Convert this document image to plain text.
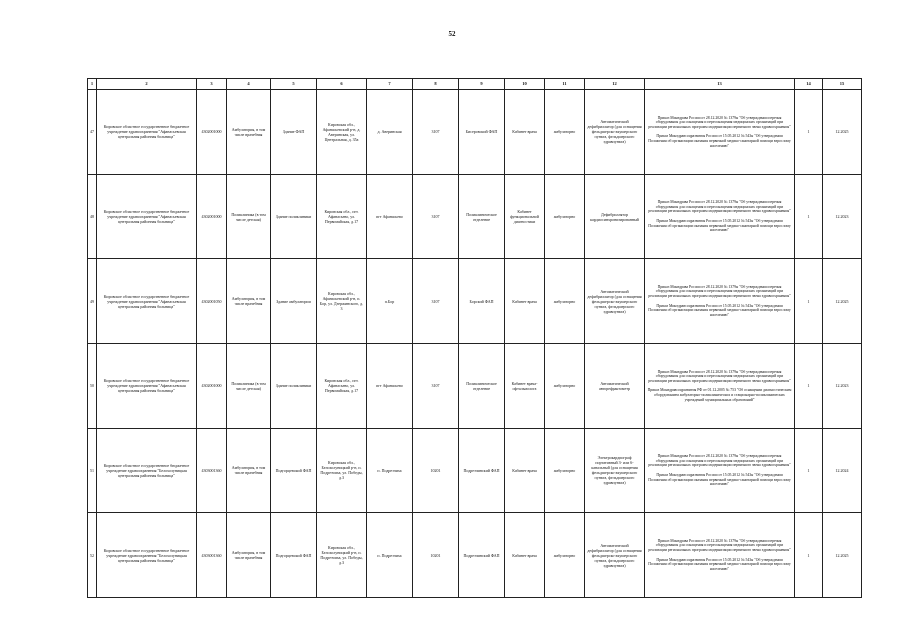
52
1	2	3	4	5	6	7	8	9	10	11	12	13	14	15
47	Кировское областное государственное бюджетное учреждение здравоохранения "Афанасьевская центральная районная больница"	4302001000	Амбулатория, в том числе врачебная	Здание ФАП	Кировская обл., Афанасьевский р-н, д. Аверинская, ул. Центральная, д. 35а	д. Аверинская	3107	Бисеровский ФАП	Кабинет врача	амбулаторно	Автоматический дефибриллятор (для оснащения фельдшерско-акушерского пункта, фельдшерского здравпункта)	Приказ Минздрава России от 28.12.2020 № 1379н "Об утверждении перечня оборудования для оснащения и переоснащения медицинских организаций при реализации региональных программ модернизации первичного звена здравоохранения"
Приказ Минздравсоцразвития России от 15.05.2012 № 543н "Об утверждении Положения об организации оказания первичной медико-санитарной помощи взрослому населению"	1	12.2025
48	Кировское областное государственное бюджетное учреждение здравоохранения "Афанасьевская центральная районная больница"	4302001000	Поликлиника (в том числе детская)	Здание поликлиники	Кировская обл., пгт. Афанасьево, ул. Первомайская, д.17	пгт Афанасьево	3107	Поликлиническое отделение	Кабинет функциональной диагностики	амбулаторно	Дефибриллятор кардиосинхронизированный	Приказ Минздрава России от 28.12.2020 № 1379н "Об утверждении перечня оборудования для оснащения и переоснащения медицинских организаций при реализации региональных программ модернизации первичного звена здравоохранения"
Приказ Минздравсоцразвития России от 15.05.2012 № 543н "Об утверждении Положения об организации оказания первичной медико-санитарной помощи взрослому населению"	1	12.2023
49	Кировское областное государственное бюджетное учреждение здравоохранения "Афанасьевская центральная районная больница"	4302001050	Амбулатория, в том числе врачебная	Здание амбулатории	Кировская обл., Афанасьевский р-н, п. Бор, ул. Дзержинского, д. 3	п.Бор	3107	Борский ФАП	Кабинет врача	амбулаторно	Автоматический дефибриллятор (для оснащения фельдшерско-акушерского пункта, фельдшерского здравпункта)	Приказ Минздрава России от 28.12.2020 № 1379н "Об утверждении перечня оборудования для оснащения и переоснащения медицинских организаций при реализации региональных программ модернизации первичного звена здравоохранения"
Приказ Минздравсоцразвития России от 15.05.2012 № 543н "Об утверждении Положения об организации оказания первичной медико-санитарной помощи взрослому населению"	1	12.2025
50	Кировское областное государственное бюджетное учреждение здравоохранения "Афанасьевская центральная районная больница"	4302001000	Поликлиника (в том числе детская)	Здание поликлиники	Кировская обл., пгт. Афанасьево, ул. Первомайская, д.17	пгт Афанасьево	3107	Поликлиническое отделение	Кабинет врача-офтальмолога	амбулаторно	Автоматический авторефрактометр	Приказ Минздрава России от 28.12.2020 № 1379н "Об утверждении перечня оборудования для оснащения и переоснащения медицинских организаций при реализации региональных программ модернизации первичного звена здравоохранения"
Приказ Минздравсоцразвития РФ от 01.12.2005 № 753 "Об оснащении диагностическим оборудованием амбулаторно-поликлинических и стационарно-поликлинических учреждений муниципальных образований"	1	12.2023
51	Кировское областное государственное бюджетное учреждение здравоохранения "Белохолуницкая центральная районная больница"	4303001360	Амбулатория, в том числе врачебная	Подгорцевский ФАП	Кировская обл., Белохолуницкий р-н, п. Подрезчиха, ул. Победы, д.3	п. Подрезчиха	10201	Подрезчинский ФАП	Кабинет врача	амбулаторно	Электрокардиограф портативный 3- или 6-канальный (для оснащения фельдшерско-акушерского пункта, фельдшерского здравпункта)	Приказ Минздрава России от 28.12.2020 № 1379н "Об утверждении перечня оборудования для оснащения и переоснащения медицинских организаций при реализации региональных программ модернизации первичного звена здравоохранения"
Приказ Минздравсоцразвития России от 15.05.2012 № 543н "Об утверждении Положения об организации оказания первичной медико-санитарной помощи взрослому населению"	1	12.2024
52	Кировское областное государственное бюджетное учреждение здравоохранения "Белохолуницкая центральная районная больница"	4303001360	Амбулатория, в том числе врачебная	Подгорцевский ФАП	Кировская обл., Белохолуницкий р-н, п. Подрезчиха, ул. Победы, д.3	п. Подрезчиха	10201	Подрезчинский ФАП	Кабинет врача	амбулаторно	Автоматический дефибриллятор (для оснащения фельдшерско-акушерского пункта, фельдшерского здравпункта)	Приказ Минздрава России от 28.12.2020 № 1379н "Об утверждении перечня оборудования для оснащения и переоснащения медицинских организаций при реализации региональных программ модернизации первичного звена здравоохранения"
Приказ Минздравсоцразвития России от 15.05.2012 № 543н "Об утверждении Положения об организации оказания первичной медико-санитарной помощи взрослому населению"	1	12.2025
